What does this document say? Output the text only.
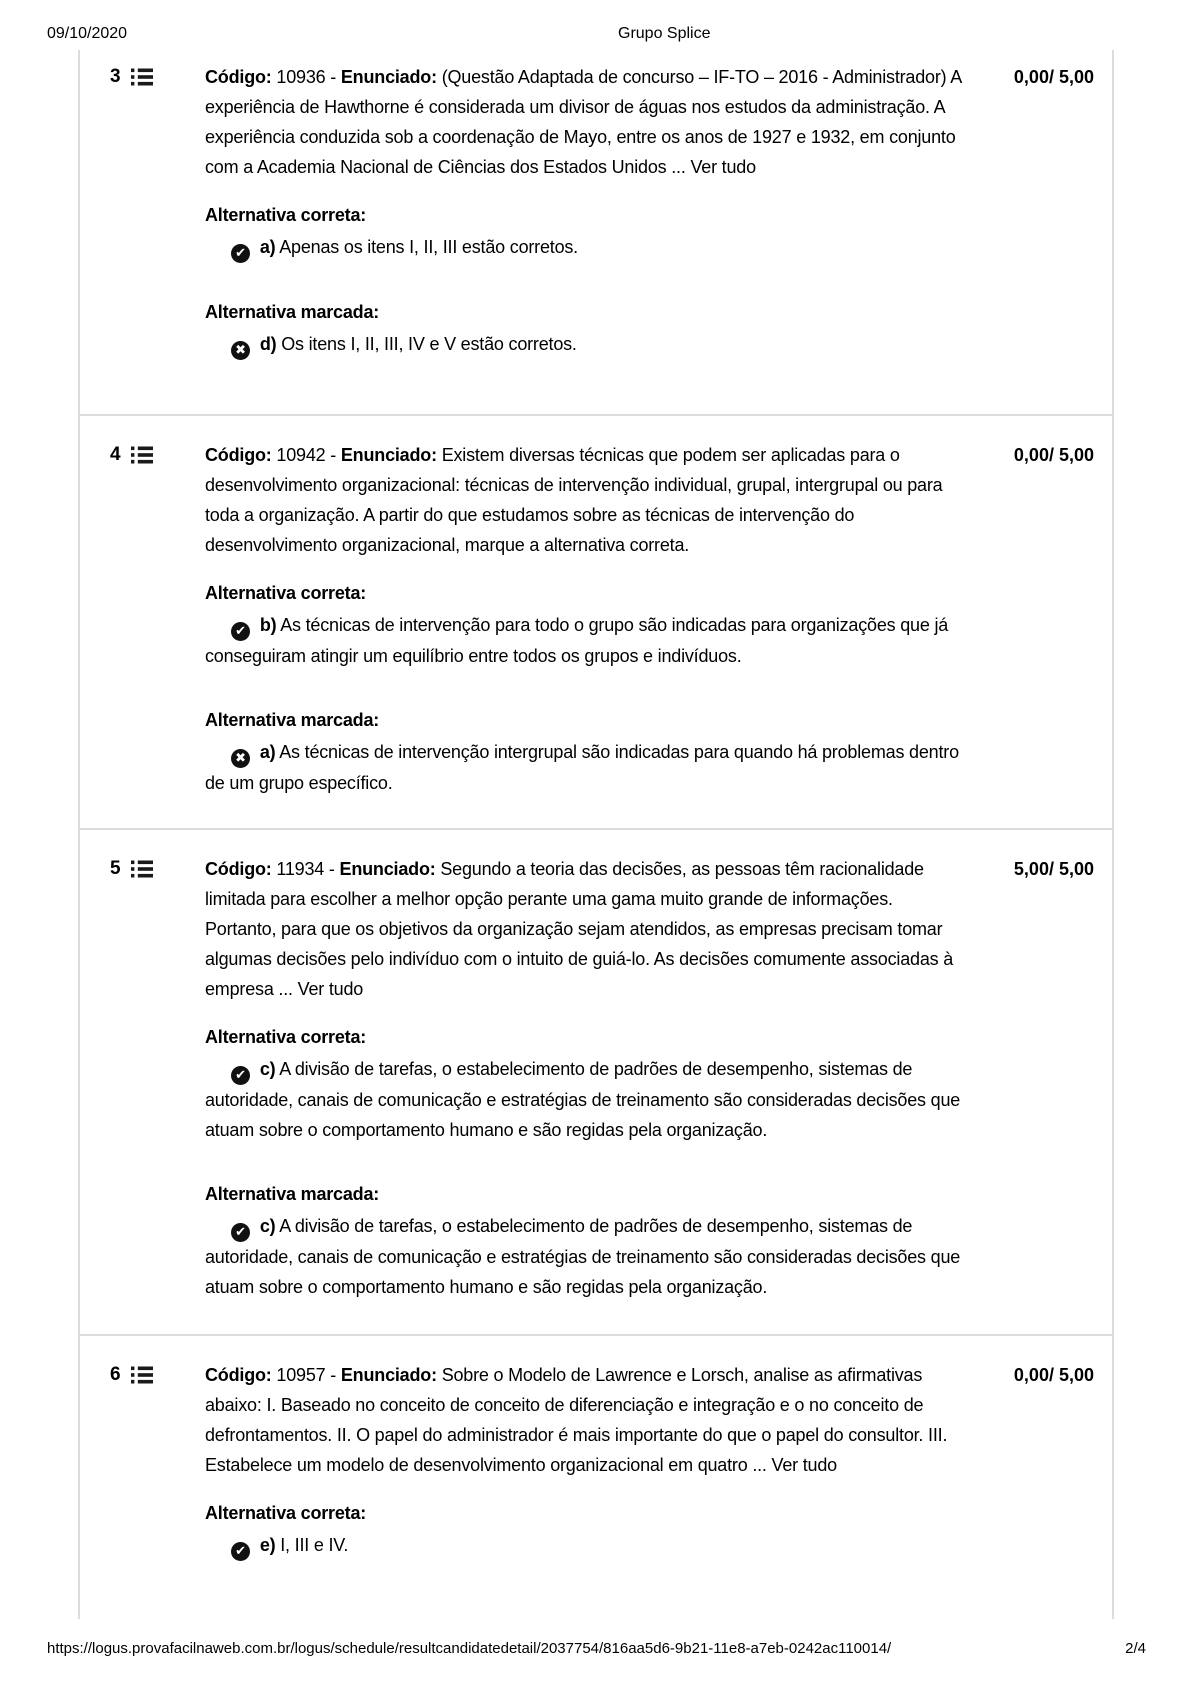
09/10/2020	Grupo Splice
3	0,00/ 5,00

Código: 10936 - Enunciado: (Questão Adaptada de concurso – IF-TO – 2016 - Administrador) A experiência de Hawthorne é considerada um divisor de águas nos estudos da administração. A experiência conduzida sob a coordenação de Mayo, entre os anos de 1927 e 1932, em conjunto com a Academia Nacional de Ciências dos Estados Unidos ... Ver tudo

Alternativa correta:

✔ a) Apenas os itens I, II, III estão corretos.

Alternativa marcada:

✖ d) Os itens I, II, III, IV e V estão corretos.

4	0,00/ 5,00

Código: 10942 - Enunciado: Existem diversas técnicas que podem ser aplicadas para o desenvolvimento organizacional: técnicas de intervenção individual, grupal, intergrupal ou para toda a organização. A partir do que estudamos sobre as técnicas de intervenção do desenvolvimento organizacional, marque a alternativa correta.

Alternativa correta:

✔ b) As técnicas de intervenção para todo o grupo são indicadas para organizações que já conseguiram atingir um equilíbrio entre todos os grupos e indivíduos.

Alternativa marcada:

✖ a) As técnicas de intervenção intergrupal são indicadas para quando há problemas dentro de um grupo específico.

5	5,00/ 5,00

Código: 11934 - Enunciado: Segundo a teoria das decisões, as pessoas têm racionalidade limitada para escolher a melhor opção perante uma gama muito grande de informações. Portanto, para que os objetivos da organização sejam atendidos, as empresas precisam tomar algumas decisões pelo indivíduo com o intuito de guiá-lo. As decisões comumente associadas à empresa ... Ver tudo

Alternativa correta:

✔ c) A divisão de tarefas, o estabelecimento de padrões de desempenho, sistemas de autoridade, canais de comunicação e estratégias de treinamento são consideradas decisões que atuam sobre o comportamento humano e são regidas pela organização.

Alternativa marcada:

✔ c) A divisão de tarefas, o estabelecimento de padrões de desempenho, sistemas de autoridade, canais de comunicação e estratégias de treinamento são consideradas decisões que atuam sobre o comportamento humano e são regidas pela organização.

6	0,00/ 5,00

Código: 10957 - Enunciado: Sobre o Modelo de Lawrence e Lorsch, analise as afirmativas abaixo: I. Baseado no conceito de conceito de diferenciação e integração e o no conceito de defrontamentos. II. O papel do administrador é mais importante do que o papel do consultor. III. Estabelece um modelo de desenvolvimento organizacional em quatro ... Ver tudo

Alternativa correta:

✔ e) I, III e IV.

https://logus.provafacilnaweb.com.br/logus/schedule/resultcandidatedetail/2037754/816aa5d6-9b21-11e8-a7eb-0242ac110014/	2/4
